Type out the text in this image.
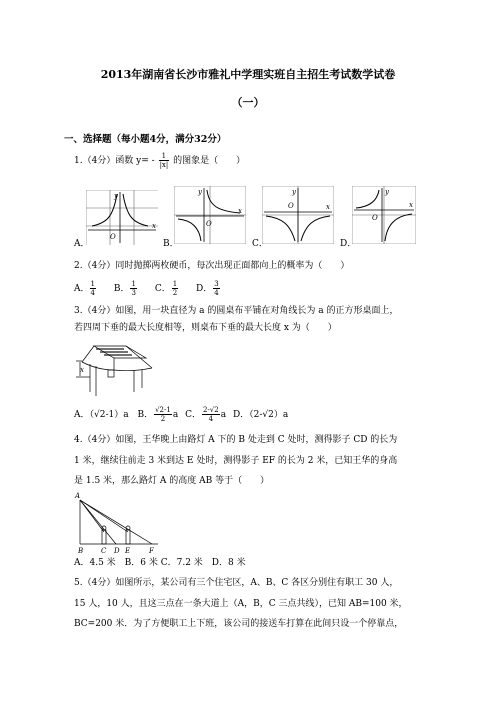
2013年湖南省长沙市雅礼中学理实班自主招生考试数学试卷
（一）
一、选择题（每小题4分，满分32分）
1.（4分）函数 $y= - \frac{1}{|x|}$ 的图象是（　　）
A．	B．	C．	D．
y
x
O
y
x
O
y
x
O
y
x
O
2.（4分）同时抛掷两枚硬币，每次出现正面都向上的概率为（　　）
A． $\frac{1}{4}$ B． $\frac{1}{3}$ C． $\frac{1}{2}$ D． $\frac{3}{4}$
3.（4分）如图，用一块直径为 a 的圆桌布平铺在对角线长为 a 的正方形桌面上，
若四周下垂的最大长度相等，则桌布下垂的最大长度 x 为（　　）
x
A．（√2-1）a B． $\frac{√2-1}{2}$ a C． $\frac{2-√2}{4}$ a D．（2-√2）a
4.（4分）如图，王华晚上由路灯 A 下的 B 处走到 C 处时，测得影子 CD 的长为
1 米，继续往前走 3 米到达 E 处时，测得影子 EF 的长为 2 米，已知王华的身高
是 1.5 米，那么路灯 A 的高度 AB 等于（　　）
A
B	C D E	F
A．4.5 米　B．6 米 C．7.2 米　D．8 米
5.（4分）如图所示，某公司有三个住宅区，A、B、C 各区分别住有职工 30 人，
15 人，10 人，且这三点在一条大道上（A，B，C 三点共线），已知 AB=100 米，
BC=200 米．为了方便职工上下班，该公司的接送车打算在此间只设一个停靠点，
